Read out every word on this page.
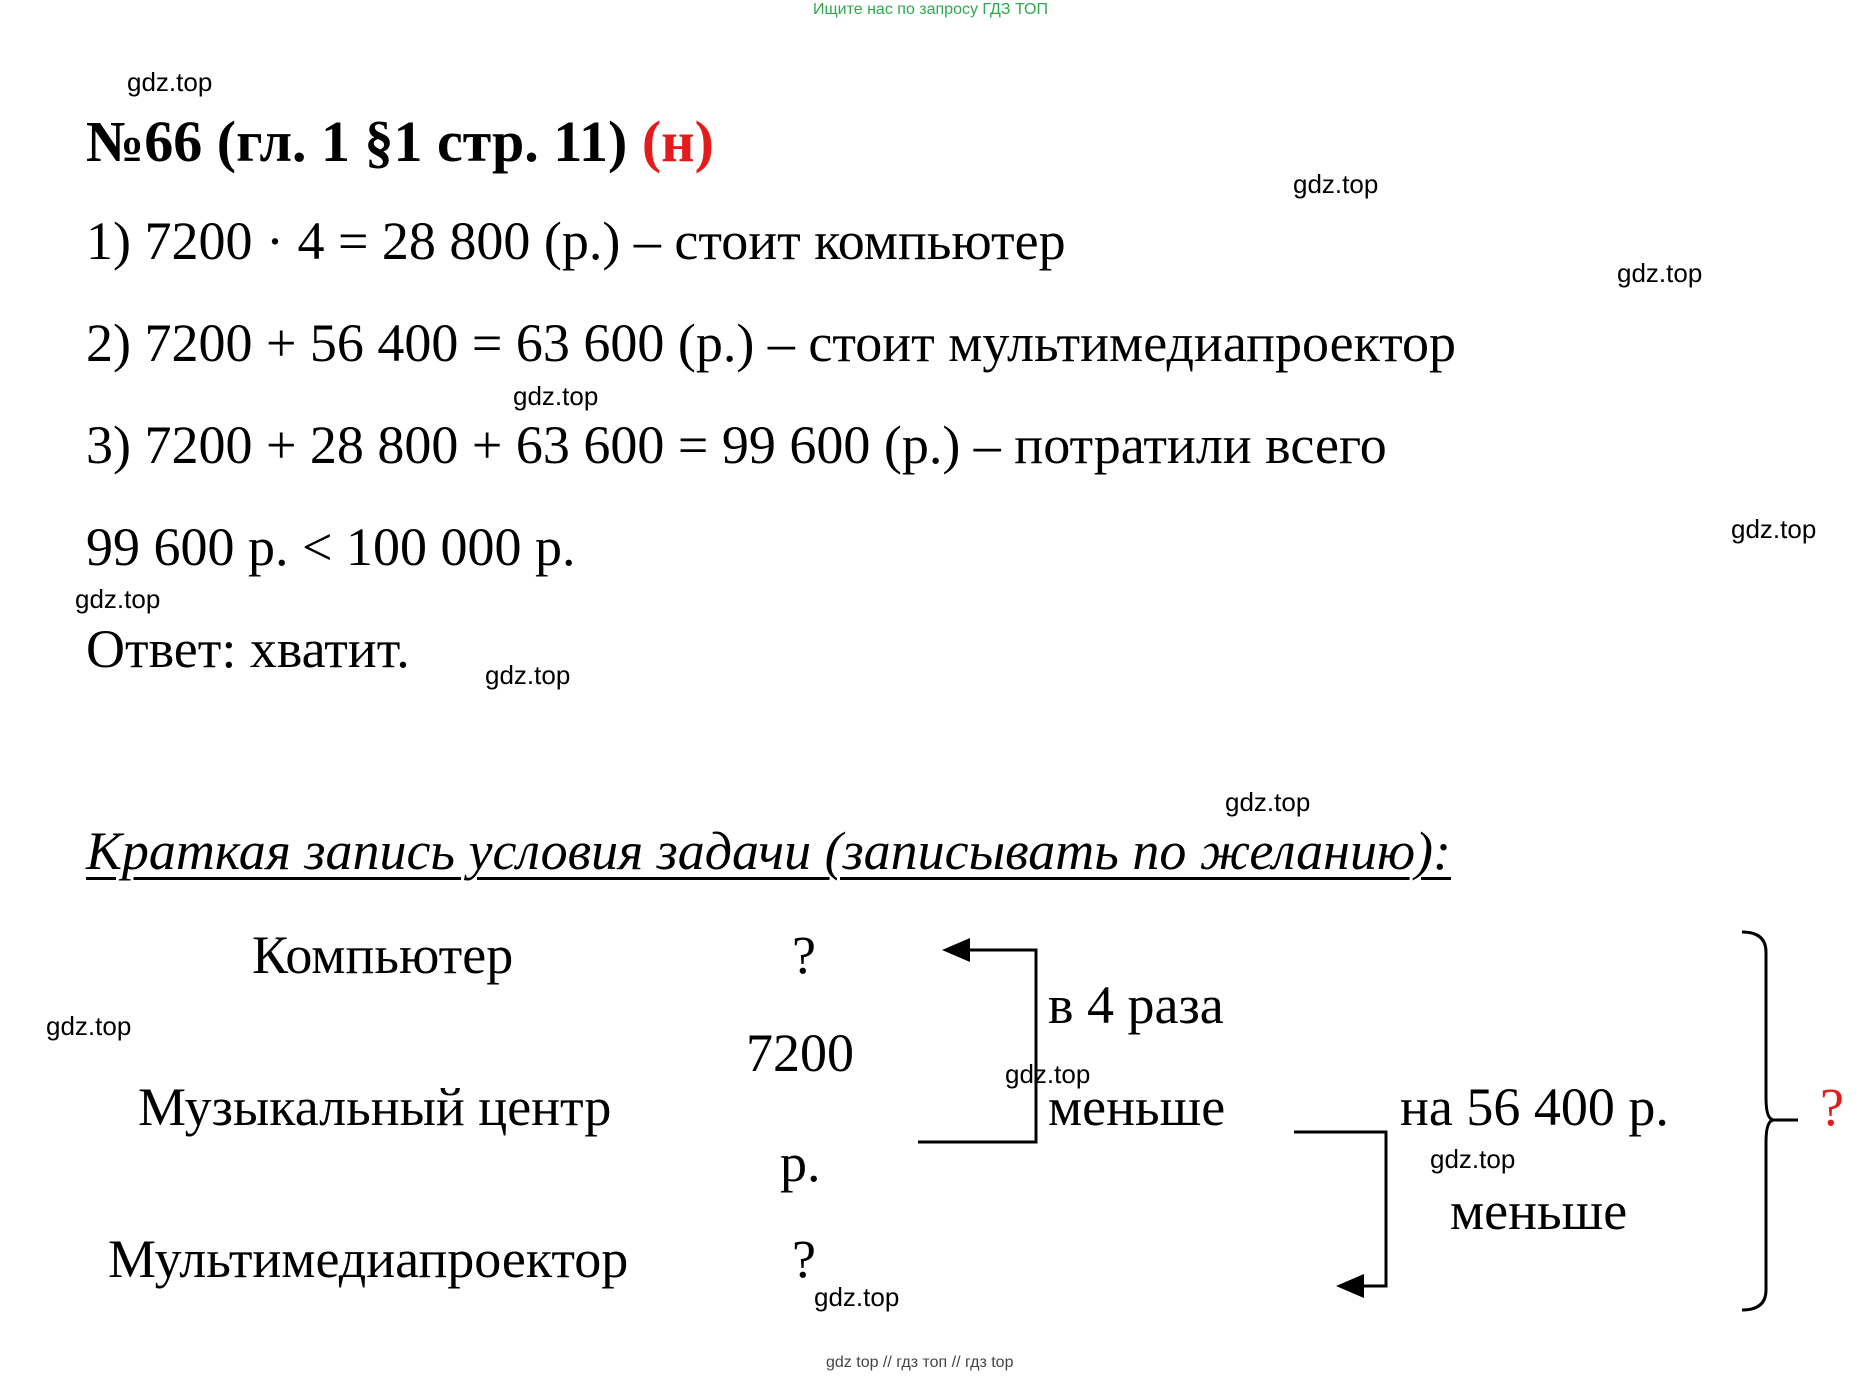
Ищите нас по запросу ГДЗ ТОП
№66 (гл. 1 §1 стр. 11) (н)
1) 7200 · 4 = 28 800 (р.) – стоит компьютер
2) 7200 + 56 400 = 63 600 (р.) – стоит мультимедиапроектор
3) 7200 + 28 800 + 63 600 = 99 600 (р.) – потратили всего
99 600 р. < 100 000 р.
Ответ: хватит.
Краткая запись условия задачи (записывать по желанию):
Компьютер	?
Музыкальный центр
7200
р.
Мультимедиапроектор	?
в 4 раза
меньше	на 56 400 р.
меньше
?
gdz.top
gdz.top
gdz.top
gdz.top
gdz.top
gdz.top
gdz.top
gdz.top
gdz.top
gdz.top
gdz.top
gdz.top
gdz top // гдз топ // гдз top
